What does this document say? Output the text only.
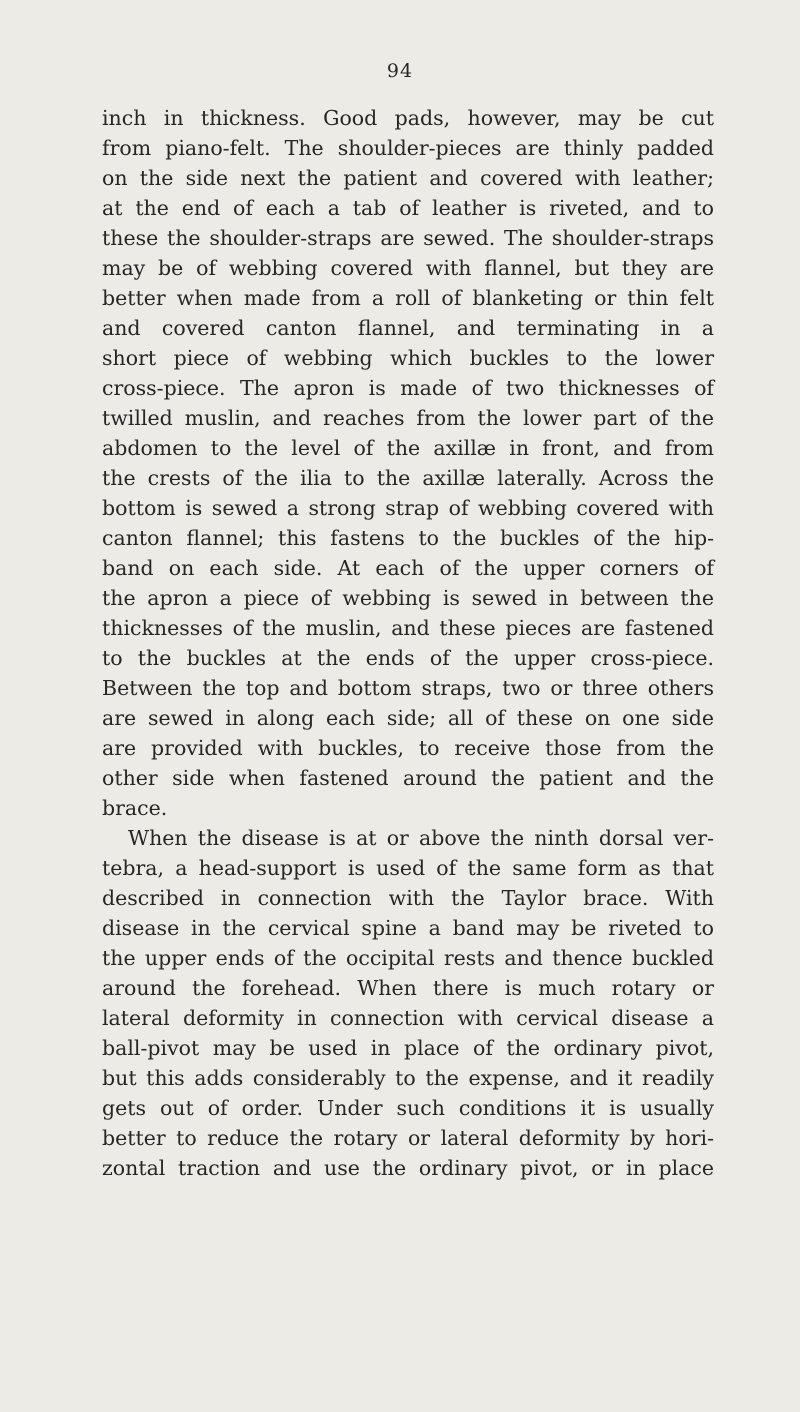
94
inch in thickness. Good pads, however, may be cut
from piano-felt. The shoulder-pieces are thinly padded
on the side next the patient and covered with leather;
at the end of each a tab of leather is riveted, and to
these the shoulder-straps are sewed. The shoulder-straps
may be of webbing covered with flannel, but they are
better when made from a roll of blanketing or thin felt
and covered canton flannel, and terminating in a
short piece of webbing which buckles to the lower
cross-piece. The apron is made of two thicknesses of
twilled muslin, and reaches from the lower part of the
abdomen to the level of the axillæ in front, and from
the crests of the ilia to the axillæ laterally. Across the
bottom is sewed a strong strap of webbing covered with
canton flannel; this fastens to the buckles of the hip-
band on each side. At each of the upper corners of
the apron a piece of webbing is sewed in between the
thicknesses of the muslin, and these pieces are fastened
to the buckles at the ends of the upper cross-piece.
Between the top and bottom straps, two or three others
are sewed in along each side; all of these on one side
are provided with buckles, to receive those from the
other side when fastened around the patient and the
brace.
When the disease is at or above the ninth dorsal ver-
tebra, a head-support is used of the same form as that
described in connection with the Taylor brace. With
disease in the cervical spine a band may be riveted to
the upper ends of the occipital rests and thence buckled
around the forehead. When there is much rotary or
lateral deformity in connection with cervical disease a
ball-pivot may be used in place of the ordinary pivot,
but this adds considerably to the expense, and it readily
gets out of order. Under such conditions it is usually
better to reduce the rotary or lateral deformity by hori-
zontal traction and use the ordinary pivot, or in place
